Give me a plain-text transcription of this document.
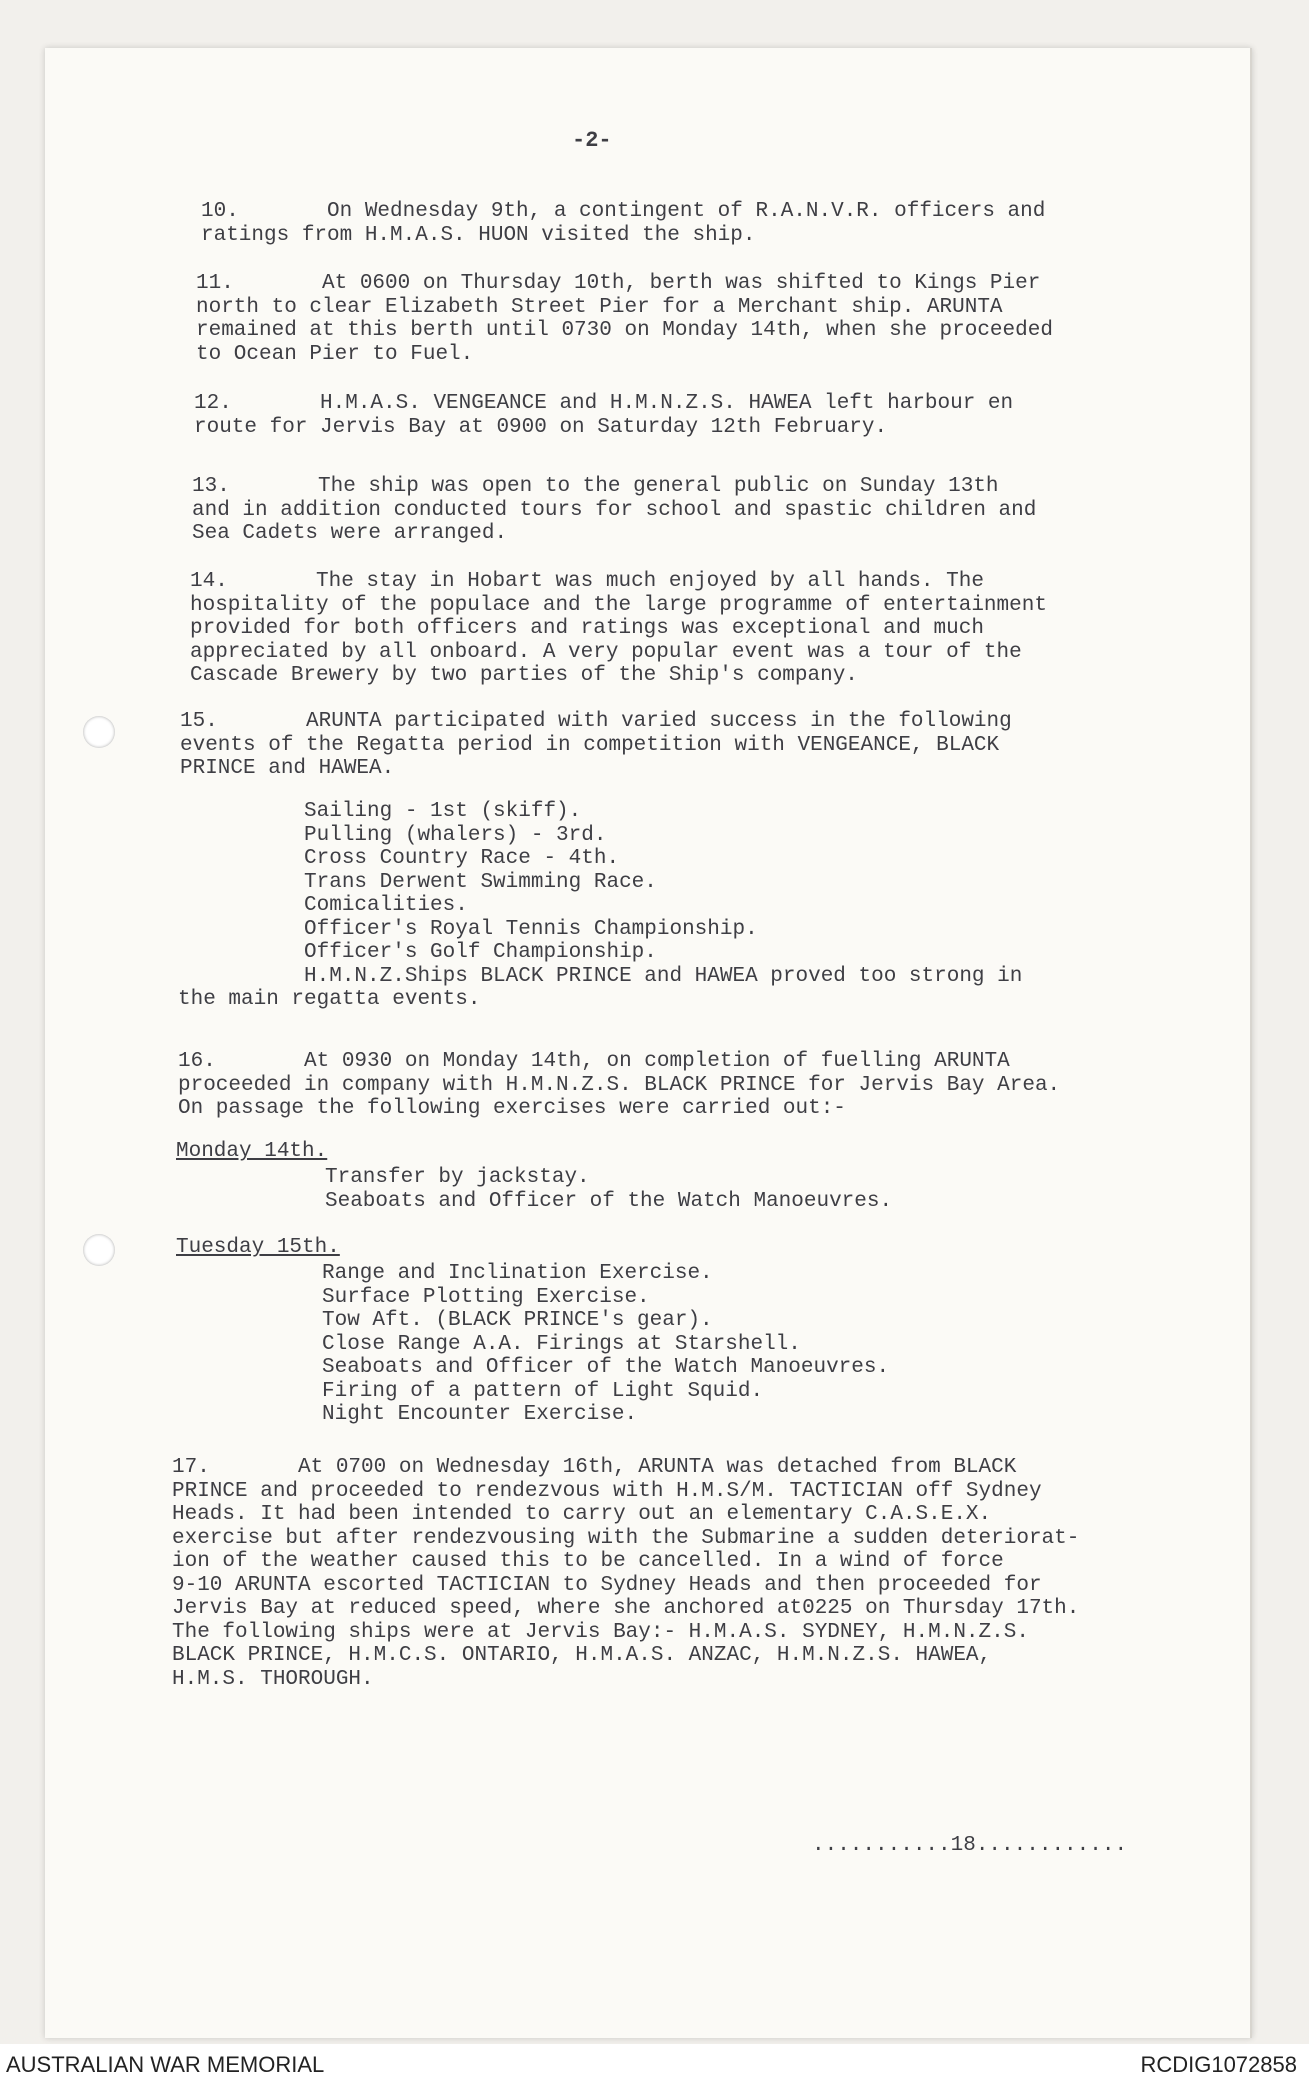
-2-
10.       On Wednesday 9th, a contingent of R.A.N.V.R. officers and
ratings from H.M.A.S. HUON visited the ship.
11.       At 0600 on Thursday 10th, berth was shifted to Kings Pier
north to clear Elizabeth Street Pier for a Merchant ship. ARUNTA
remained at this berth until 0730 on Monday 14th, when she proceeded
to Ocean Pier to Fuel.
12.       H.M.A.S. VENGEANCE and H.M.N.Z.S. HAWEA left harbour en
route for Jervis Bay at 0900 on Saturday 12th February.
13.       The ship was open to the general public on Sunday 13th
and in addition conducted tours for school and spastic children and
Sea Cadets were arranged.
14.       The stay in Hobart was much enjoyed by all hands. The
hospitality of the populace and the large programme of entertainment
provided for both officers and ratings was exceptional and much
appreciated by all onboard. A very popular event was a tour of the
Cascade Brewery by two parties of the Ship's company.
15.       ARUNTA participated with varied success in the following
events of the Regatta period in competition with VENGEANCE, BLACK
PRINCE and HAWEA.
Sailing - 1st (skiff).
Pulling (whalers) - 3rd.
Cross Country Race - 4th.
Trans Derwent Swimming Race.
Comicalities.
Officer's Royal Tennis Championship.
Officer's Golf Championship.
H.M.N.Z.Ships BLACK PRINCE and HAWEA proved too strong in
the main regatta events.
16.       At 0930 on Monday 14th, on completion of fuelling ARUNTA
proceeded in company with H.M.N.Z.S. BLACK PRINCE for Jervis Bay Area.
On passage the following exercises were carried out:-
Monday 14th.
Transfer by jackstay.
Seaboats and Officer of the Watch Manoeuvres.
Tuesday 15th.
Range and Inclination Exercise.
Surface Plotting Exercise.
Tow Aft. (BLACK PRINCE's gear).
Close Range A.A. Firings at Starshell.
Seaboats and Officer of the Watch Manoeuvres.
Firing of a pattern of Light Squid.
Night Encounter Exercise.
17.       At 0700 on Wednesday 16th, ARUNTA was detached from BLACK
PRINCE and proceeded to rendezvous with H.M.S/M. TACTICIAN off Sydney
Heads. It had been intended to carry out an elementary C.A.S.E.X.
exercise but after rendezvousing with the Submarine a sudden deteriorat-
ion of the weather caused this to be cancelled. In a wind of force
9-10 ARUNTA escorted TACTICIAN to Sydney Heads and then proceeded for
Jervis Bay at reduced speed, where she anchored at0225 on Thursday 17th.
The following ships were at Jervis Bay:- H.M.A.S. SYDNEY, H.M.N.Z.S.
BLACK PRINCE, H.M.C.S. ONTARIO, H.M.A.S. ANZAC, H.M.N.Z.S. HAWEA,
H.M.S. THOROUGH.
...........18............
AUSTRALIAN WAR MEMORIAL	RCDIG1072858
